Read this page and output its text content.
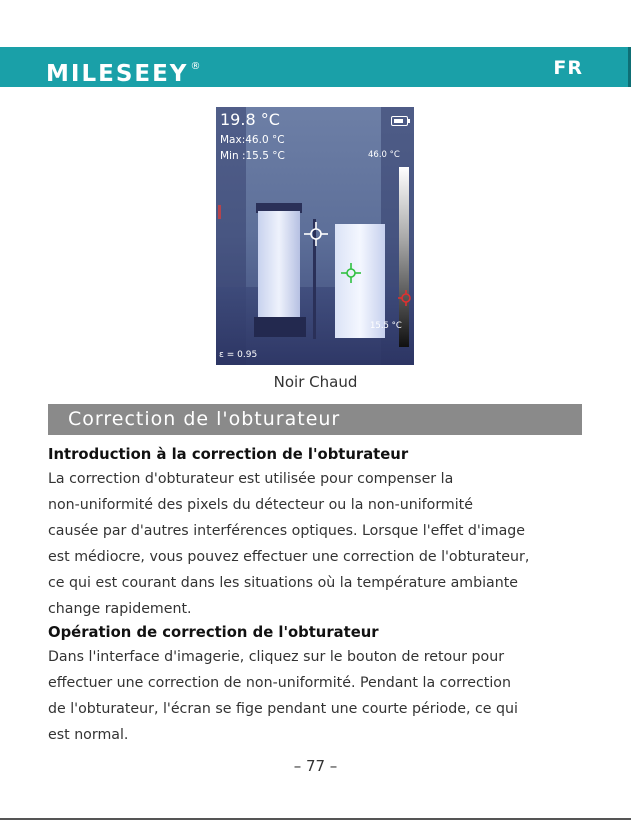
MILESEEY ®	FR
19.8 °C
Max:46.0 °C
Min :15.5 °C	46.0 °C
15.5 °C
ε = 0.95
Noir Chaud
Correction de l'obturateur
Introduction à la correction de l'obturateur

La correction d'obturateur est utilisée pour compenser la
non-uniformité des pixels du détecteur ou la non-uniformité
causée par d'autres interférences optiques. Lorsque l'effet d'image
est médiocre, vous pouvez effectuer une correction de l'obturateur,
ce qui est courant dans les situations où la température ambiante
change rapidement.

Opération de correction de l'obturateur

Dans l'interface d'imagerie, cliquez sur le bouton de retour pour
effectuer une correction de non-uniformité. Pendant la correction
de l'obturateur, l'écran se fige pendant une courte période, ce qui
est normal.

– 77 –
